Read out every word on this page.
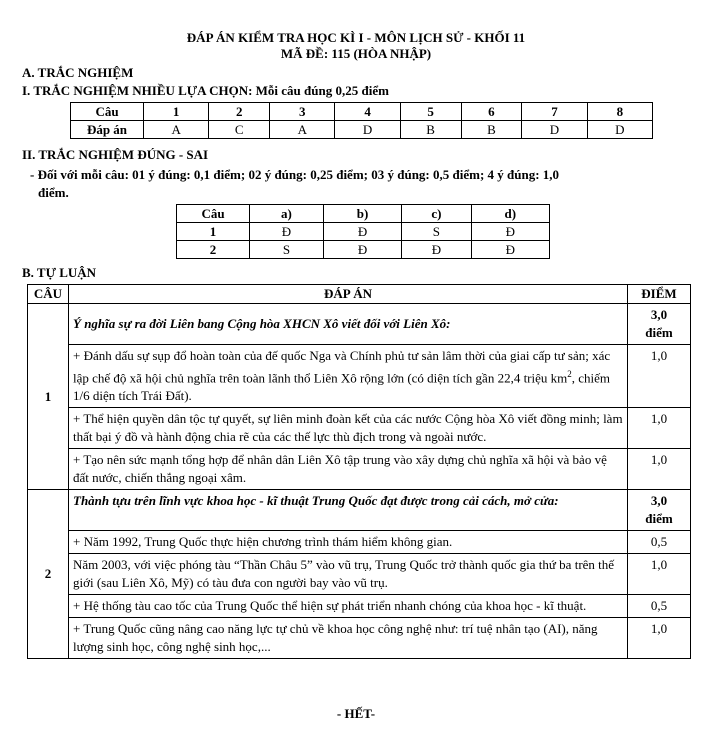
ĐÁP ÁN KIỂM TRA HỌC KÌ I - MÔN LỊCH SỬ - KHỐI 11
MÃ ĐỀ: 115 (HÒA NHẬP)
A. TRẮC NGHIỆM
I. TRẮC NGHIỆM NHIỀU LỰA CHỌN: Mỗi câu đúng 0,25 điểm
Câu	1	2	3	4	5	6	7	8
Đáp án	A	C	A	D	B	B	D	D
II. TRẮC NGHIỆM ĐÚNG - SAI
- Đối với mỗi câu: 01 ý đúng: 0,1 điểm; 02 ý đúng: 0,25 điểm; 03 ý đúng: 0,5 điểm; 4 ý đúng: 1,0
điểm.
Câu	a)	b)	c)	d)
1	Đ	Đ	S	Đ
2	S	Đ	Đ	Đ
B. TỰ LUẬN
CÂU	ĐÁP ÁN	ĐIỂM
1	Ý nghĩa sự ra đời Liên bang Cộng hòa XHCN Xô viết đối với Liên Xô:	3,0
điểm

	+ Đánh dấu sự sụp đổ hoàn toàn của đế quốc Nga và Chính phủ tư sản lâm thời của giai cấp tư sản; xác lập chế độ xã hội chủ nghĩa trên toàn lãnh thổ Liên Xô rộng lớn (có diện tích gần 22,4 triệu $km^2$, chiếm 1/6 diện tích Trái Đất).	1,0
	+ Thể hiện quyền dân tộc tự quyết, sự liên minh đoàn kết của các nước Cộng hòa Xô viết đồng minh; làm thất bại ý đồ và hành động chia rẽ của các thế lực thù địch trong và ngoài nước.	1,0
	+ Tạo nên sức mạnh tổng hợp để nhân dân Liên Xô tập trung vào xây dựng chủ nghĩa xã hội và bảo vệ đất nước, chiến thắng ngoại xâm.	1,0
2	Thành tựu trên lĩnh vực khoa học - kĩ thuật Trung Quốc đạt được trong cải cách, mở cửa:	3,0
điểm

	+ Năm 1992, Trung Quốc thực hiện chương trình thám hiểm không gian.	0,5
	Năm 2003, với việc phóng tàu “Thần Châu 5” vào vũ trụ, Trung Quốc trở thành quốc gia thứ ba trên thế giới (sau Liên Xô, Mỹ) có tàu đưa con người bay vào vũ trụ.	1,0
	+ Hệ thống tàu cao tốc của Trung Quốc thể hiện sự phát triển nhanh chóng của khoa học - kĩ thuật.	0,5
	+ Trung Quốc cũng nâng cao năng lực tự chủ về khoa học công nghệ như: trí tuệ nhân tạo (AI), năng lượng sinh học, công nghệ sinh học,...	1,0
- HẾT-
